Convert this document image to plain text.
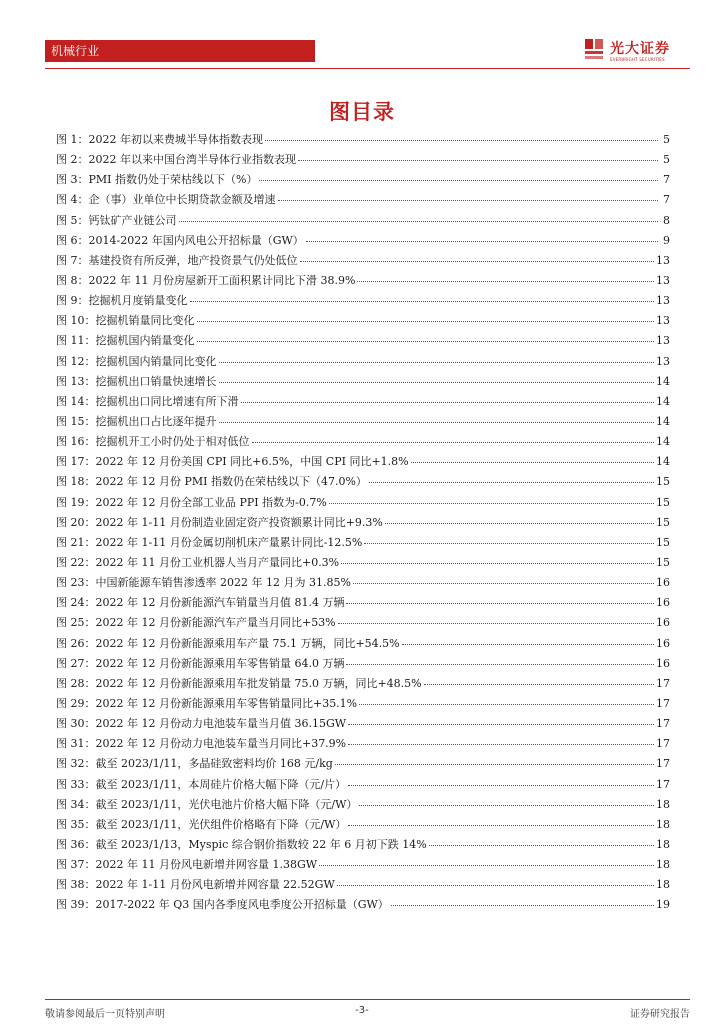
机械行业	光大证券
EVERBRIGHT SECURITIES
图目录
图 1：2022 年初以来费城半导体指数表现	5
图 2：2022 年以来中国台湾半导体行业指数表现	5
图 3：PMI 指数仍处于荣枯线以下（%）	7
图 4：企（事）业单位中长期贷款金额及增速	7
图 5：钙钛矿产业链公司	8
图 6：2014-2022 年国内风电公开招标量（GW）	9
图 7：基建投资有所反弹，地产投资景气仍处低位	13
图 8：2022 年 11 月份房屋新开工面积累计同比下滑 38.9%	13
图 9：挖掘机月度销量变化	13
图 10：挖掘机销量同比变化	13
图 11：挖掘机国内销量变化	13
图 12：挖掘机国内销量同比变化	13
图 13：挖掘机出口销量快速增长	14
图 14：挖掘机出口同比增速有所下滑	14
图 15：挖掘机出口占比逐年提升	14
图 16：挖掘机开工小时仍处于相对低位	14
图 17：2022 年 12 月份美国 CPI 同比+6.5%，中国 CPI 同比+1.8%	14
图 18：2022 年 12 月份 PMI 指数仍在荣枯线以下（47.0%）	15
图 19：2022 年 12 月份全部工业品 PPI 指数为-0.7%	15
图 20：2022 年 1-11 月份制造业固定资产投资额累计同比+9.3%	15
图 21：2022 年 1-11 月份金属切削机床产量累计同比-12.5%	15
图 22：2022 年 11 月份工业机器人当月产量同比+0.3%	15
图 23：中国新能源车销售渗透率 2022 年 12 月为 31.85%	16
图 24：2022 年 12 月份新能源汽车销量当月值 81.4 万辆	16
图 25：2022 年 12 月份新能源汽车产量当月同比+53%	16
图 26：2022 年 12 月份新能源乘用车产量 75.1 万辆，同比+54.5%	16
图 27：2022 年 12 月份新能源乘用车零售销量 64.0 万辆	16
图 28：2022 年 12 月份新能源乘用车批发销量 75.0 万辆，同比+48.5%	17
图 29：2022 年 12 月份新能源乘用车零售销量同比+35.1%	17
图 30：2022 年 12 月份动力电池装车量当月值 36.15GW	17
图 31：2022 年 12 月份动力电池装车量当月同比+37.9%	17
图 32：截至 2023/1/11，多晶硅致密料均价 168 元/kg	17
图 33：截至 2023/1/11，本周硅片价格大幅下降（元/片）	17
图 34：截至 2023/1/11，光伏电池片价格大幅下降（元/W）	18
图 35：截至 2023/1/11，光伏组件价格略有下降（元/W）	18
图 36：截至 2023/1/13，Myspic 综合钢价指数较 22 年 6 月初下跌 14%	18
图 37：2022 年 11 月份风电新增并网容量 1.38GW	18
图 38：2022 年 1-11 月份风电新增并网容量 22.52GW	18
图 39：2017-2022 年 Q3 国内各季度风电季度公开招标量（GW）	19
敬请参阅最后一页特别声明	-3-	证券研究报告
